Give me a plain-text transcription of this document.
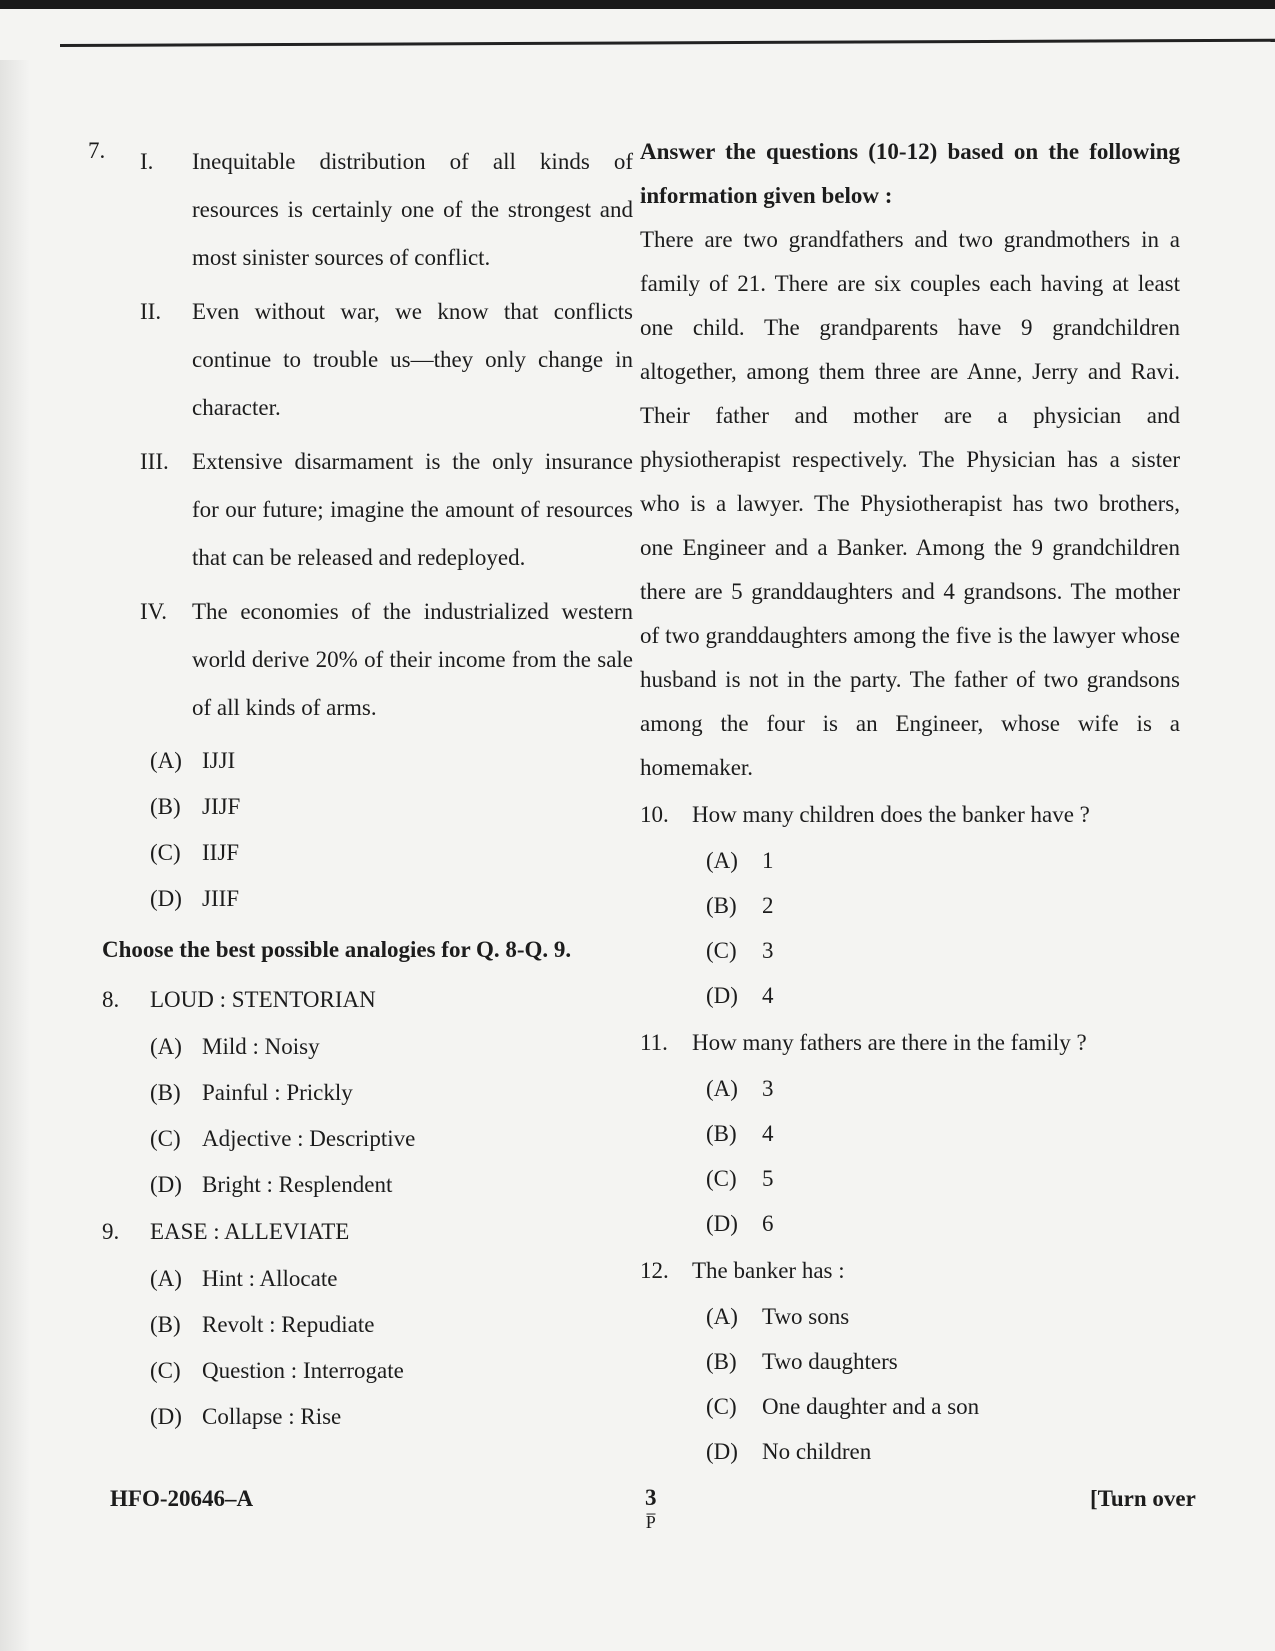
7.	I.	Inequitable distribution of all kinds of resources is certainly one of the strongest and most sinister sources of conflict.
II.	Even without war, we know that conflicts continue to trouble us—they only change in character.
III.	Extensive disarmament is the only insurance for our future; imagine the amount of resources that can be released and redeployed.
IV.	The economies of the industrialized western world derive 20% of their income from the sale of all kinds of arms.
(A) IJJI
(B) JIJF
(C) IIJF
(D) JIIF
Choose the best possible analogies for Q. 8-Q. 9.
8.	LOUD : STENTORIAN
(A) Mild : Noisy
(B) Painful : Prickly
(C) Adjective : Descriptive
(D) Bright : Resplendent
9.	EASE : ALLEVIATE
(A) Hint : Allocate
(B) Revolt : Repudiate
(C) Question : Interrogate
(D) Collapse : Rise
Answer the questions (10-12) based on the following information given below :
There are two grandfathers and two grandmothers in a family of 21. There are six couples each having at least one child. The grandparents have 9 grandchildren altogether, among them three are Anne, Jerry and Ravi. Their father and mother are a physician and physiotherapist respectively. The Physician has a sister who is a lawyer. The Physiotherapist has two brothers, one Engineer and a Banker. Among the 9 grandchildren there are 5 granddaughters and 4 grandsons. The mother of two granddaughters among the five is the lawyer whose husband is not in the party. The father of two grandsons among the four is an Engineer, whose wife is a homemaker.
10.	How many children does the banker have ?
(A)	1
(B)	2
(C)	3
(D)	4
11.	How many fathers are there in the family ?
(A)	3
(B)	4
(C)	5
(D)	6
12.	The banker has :
(A)	Two sons
(B)	Two daughters
(C)	One daughter and a son
(D)	No children
HFO-20646–A	3
P̅
[Turn over
